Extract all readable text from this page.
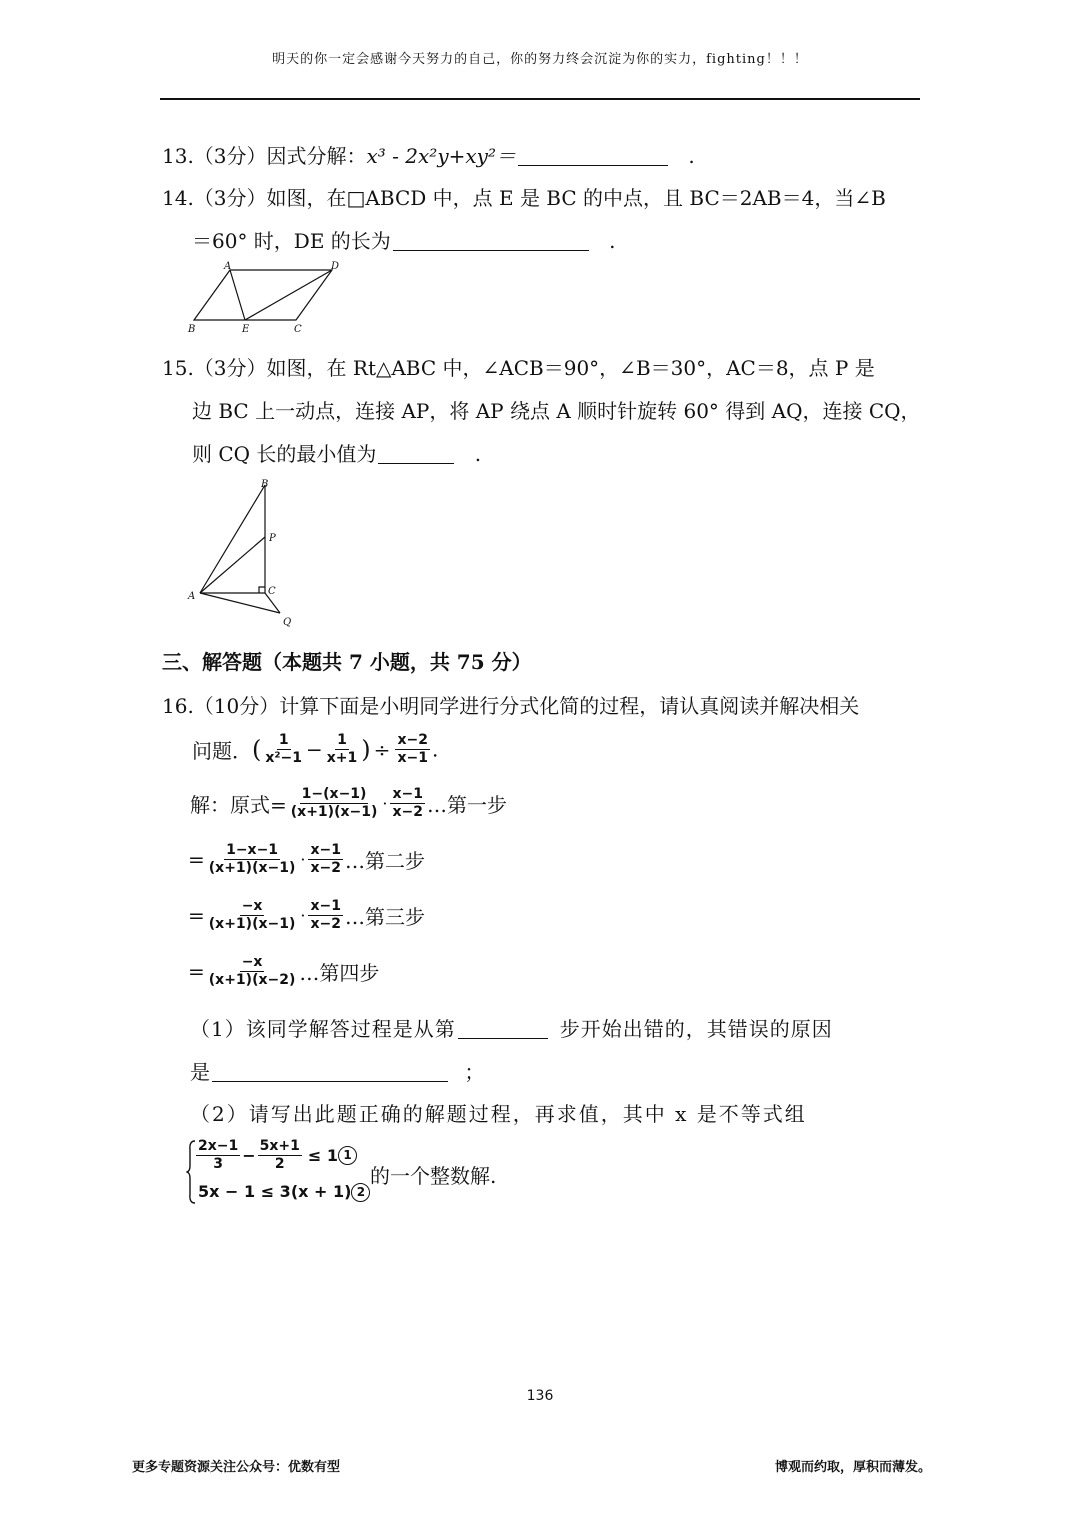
明天的你一定会感谢今天努力的自己，你的努力终会沉淀为你的实力，fighting！！！
13.（3分）因式分解：x³ - 2x²y+xy²＝	.
14.（3分）如图，在□ABCD 中，点 E 是 BC 的中点，且 BC＝2AB＝4，当∠B
＝60° 时，DE 的长为	.
A	D
B	E	C
15.（3分）如图，在 Rt△ABC 中，∠ACB＝90°，∠B＝30°，AC＝8，点 P 是
边 BC 上一动点，连接 AP，将 AP 绕点 A 顺时针旋转 60° 得到 AQ，连接 CQ，
则 CQ 长的最小值为	.
B
P
C
A
Q
三、解答题（本题共 7 小题，共 75 分）
16.（10分）计算下面是小明同学进行分式化简的过程，请认真阅读并解决相关
问题．( $\frac{1}{\text{x²−1}} - \frac{1}{x+1}$ ) ÷ $\frac{x-2}{x-1}$ .
解：原式= $\frac{1-(x-1)}{(x+1)(x-1)} \cdot \frac{x-1}{x-2}$ …第一步
= $\frac{1-x-1}{(x+1)(x-1)} \cdot \frac{x-1}{x-2}$ …第二步
= $\frac{-x}{(x+1)(x-1)} \cdot \frac{x-1}{x-2}$ …第三步
= $\frac{-x}{(x+1)(x-2)}$ …第四步
（1）该同学解答过程是从第	步开始出错的，其错误的原因
是	；
（2）请写出此题正确的解题过程，再求值，其中 x 是不等式组
$\frac{2x-1}{3} - \frac{5x+1}{2} \le 1$ 1
5x − 1 ≤ 3(x + 1) 2
的一个整数解.
136
更多专题资源关注公众号：优数有型	博观而约取，厚积而薄发。
